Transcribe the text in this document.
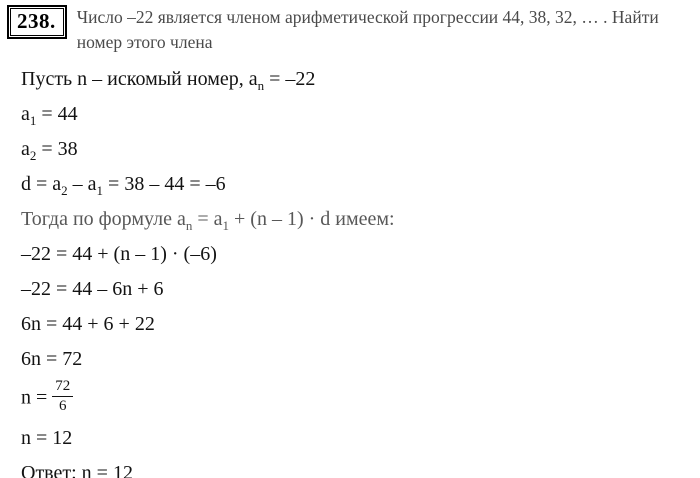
238.	Число –22 является членом арифметической прогрессии 44, 38, 32, … . Найти номер этого члена
Пусть n – искомый номер, $a_n = -22$
$a_1 = 44$
$a_2 = 38$
$d = a_2 - a_1 = 38 - 44 = -6$
Тогда по формуле $a_n = a_1 + (n - 1) \cdot d$ имеем:
–22 = 44 + (n – 1) · (–6)
–22 = 44 – 6n + 6
6n = 44 + 6 + 22
6n = 72
$n = \frac{72}{6}$
n = 12
Ответ: n = 12
